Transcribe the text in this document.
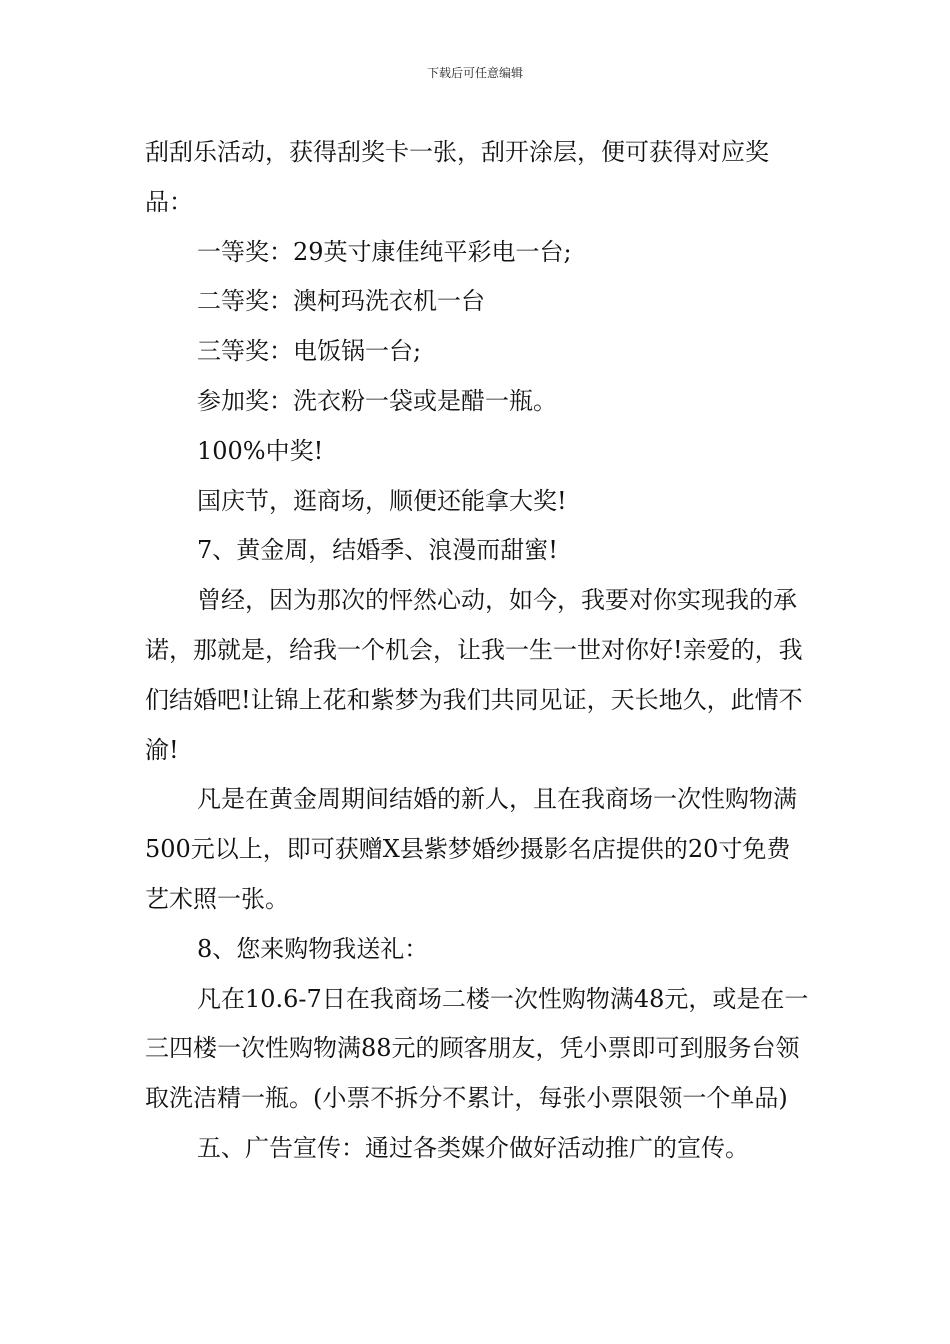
下载后可任意编辑

刮刮乐活动，获得刮奖卡一张，刮开涂层，便可获得对应奖品：

一等奖：29英寸康佳纯平彩电一台;

二等奖：澳柯玛洗衣机一台

三等奖：电饭锅一台;

参加奖：洗衣粉一袋或是醋一瓶。

100%中奖!

国庆节，逛商场，顺便还能拿大奖!

7、黄金周，结婚季、浪漫而甜蜜!

曾经，因为那次的怦然心动，如今，我要对你实现我的承诺，那就是，给我一个机会，让我一生一世对你好!亲爱的，我们结婚吧!让锦上花和紫梦为我们共同见证，天长地久，此情不渝!

凡是在黄金周期间结婚的新人，且在我商场一次性购物满500元以上，即可获赠X县紫梦婚纱摄影名店提供的20寸免费艺术照一张。

8、您来购物我送礼：

凡在10.6-7日在我商场二楼一次性购物满48元，或是在一三四楼一次性购物满88元的顾客朋友，凭小票即可到服务台领取洗洁精一瓶。(小票不拆分不累计，每张小票限领一个单品)

五、广告宣传：通过各类媒介做好活动推广的宣传。
